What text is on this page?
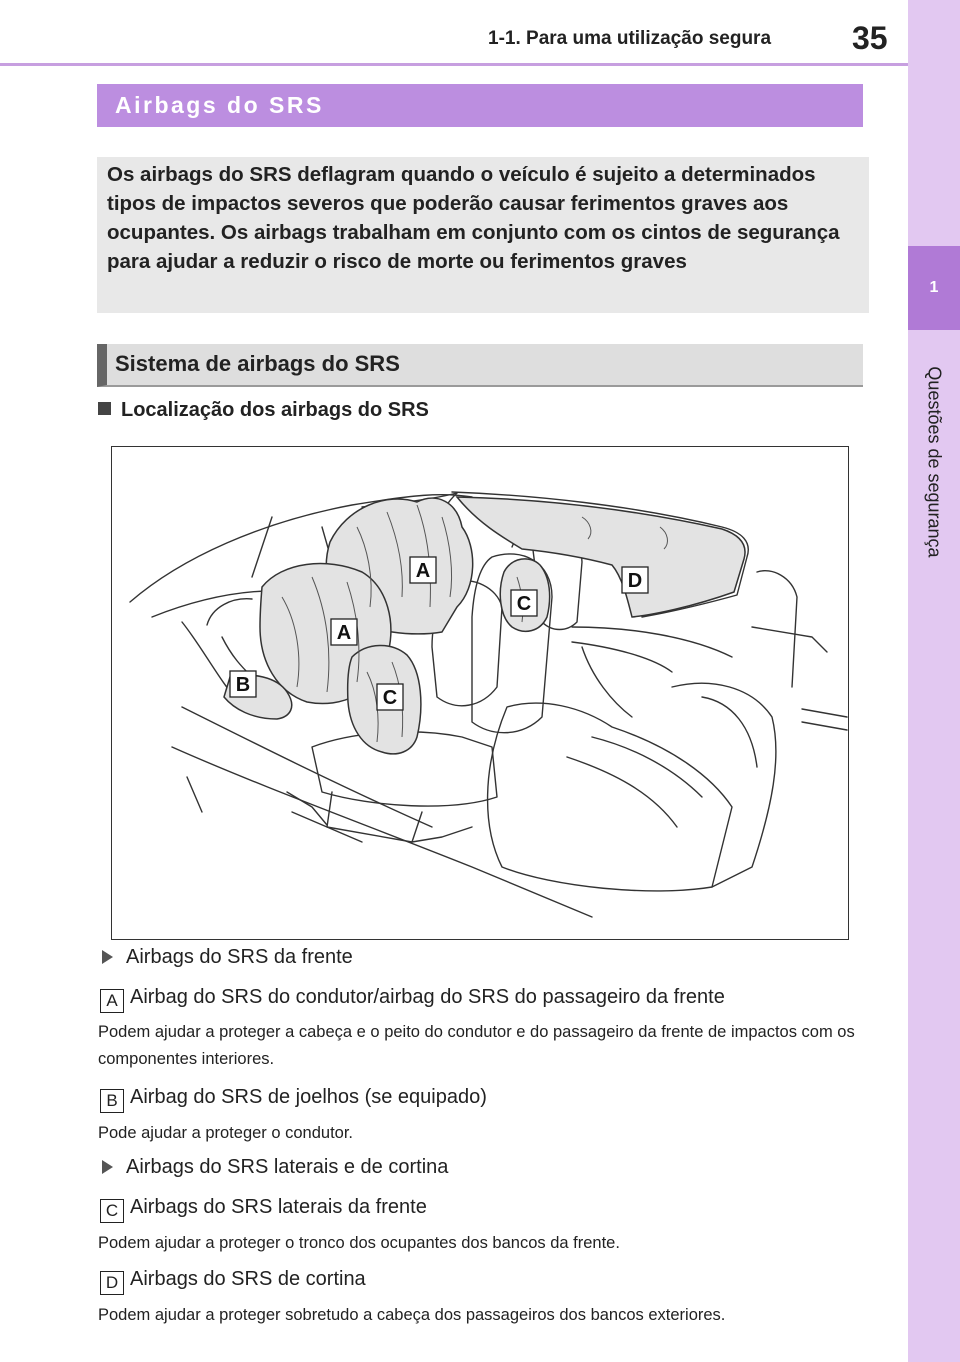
1-1. Para uma utilização segura	35
1
Questões de segurança
Airbags do SRS
Os airbags do SRS deflagram quando o veículo é sujeito a determinados tipos de impactos severos que poderão causar ferimentos graves aos ocupantes. Os airbags trabalham em conjunto com os cintos de segurança para ajudar a reduzir o risco de morte ou ferimentos graves
Sistema de airbags do SRS
Localização dos airbags do SRS
A
A
B
C
C
D
Airbags do SRS da frente
A Airbag do SRS do condutor/airbag do SRS do passageiro da frente
Podem ajudar a proteger a cabeça e o peito do condutor e do passageiro da frente de impactos com os componentes interiores.
B Airbag do SRS de joelhos (se equipado)
Pode ajudar a proteger o condutor.
Airbags do SRS laterais e de cortina
C Airbags do SRS laterais da frente
Podem ajudar a proteger o tronco dos ocupantes dos bancos da frente.
D Airbags do SRS de cortina
Podem ajudar a proteger sobretudo a cabeça dos passageiros dos bancos exteriores.
